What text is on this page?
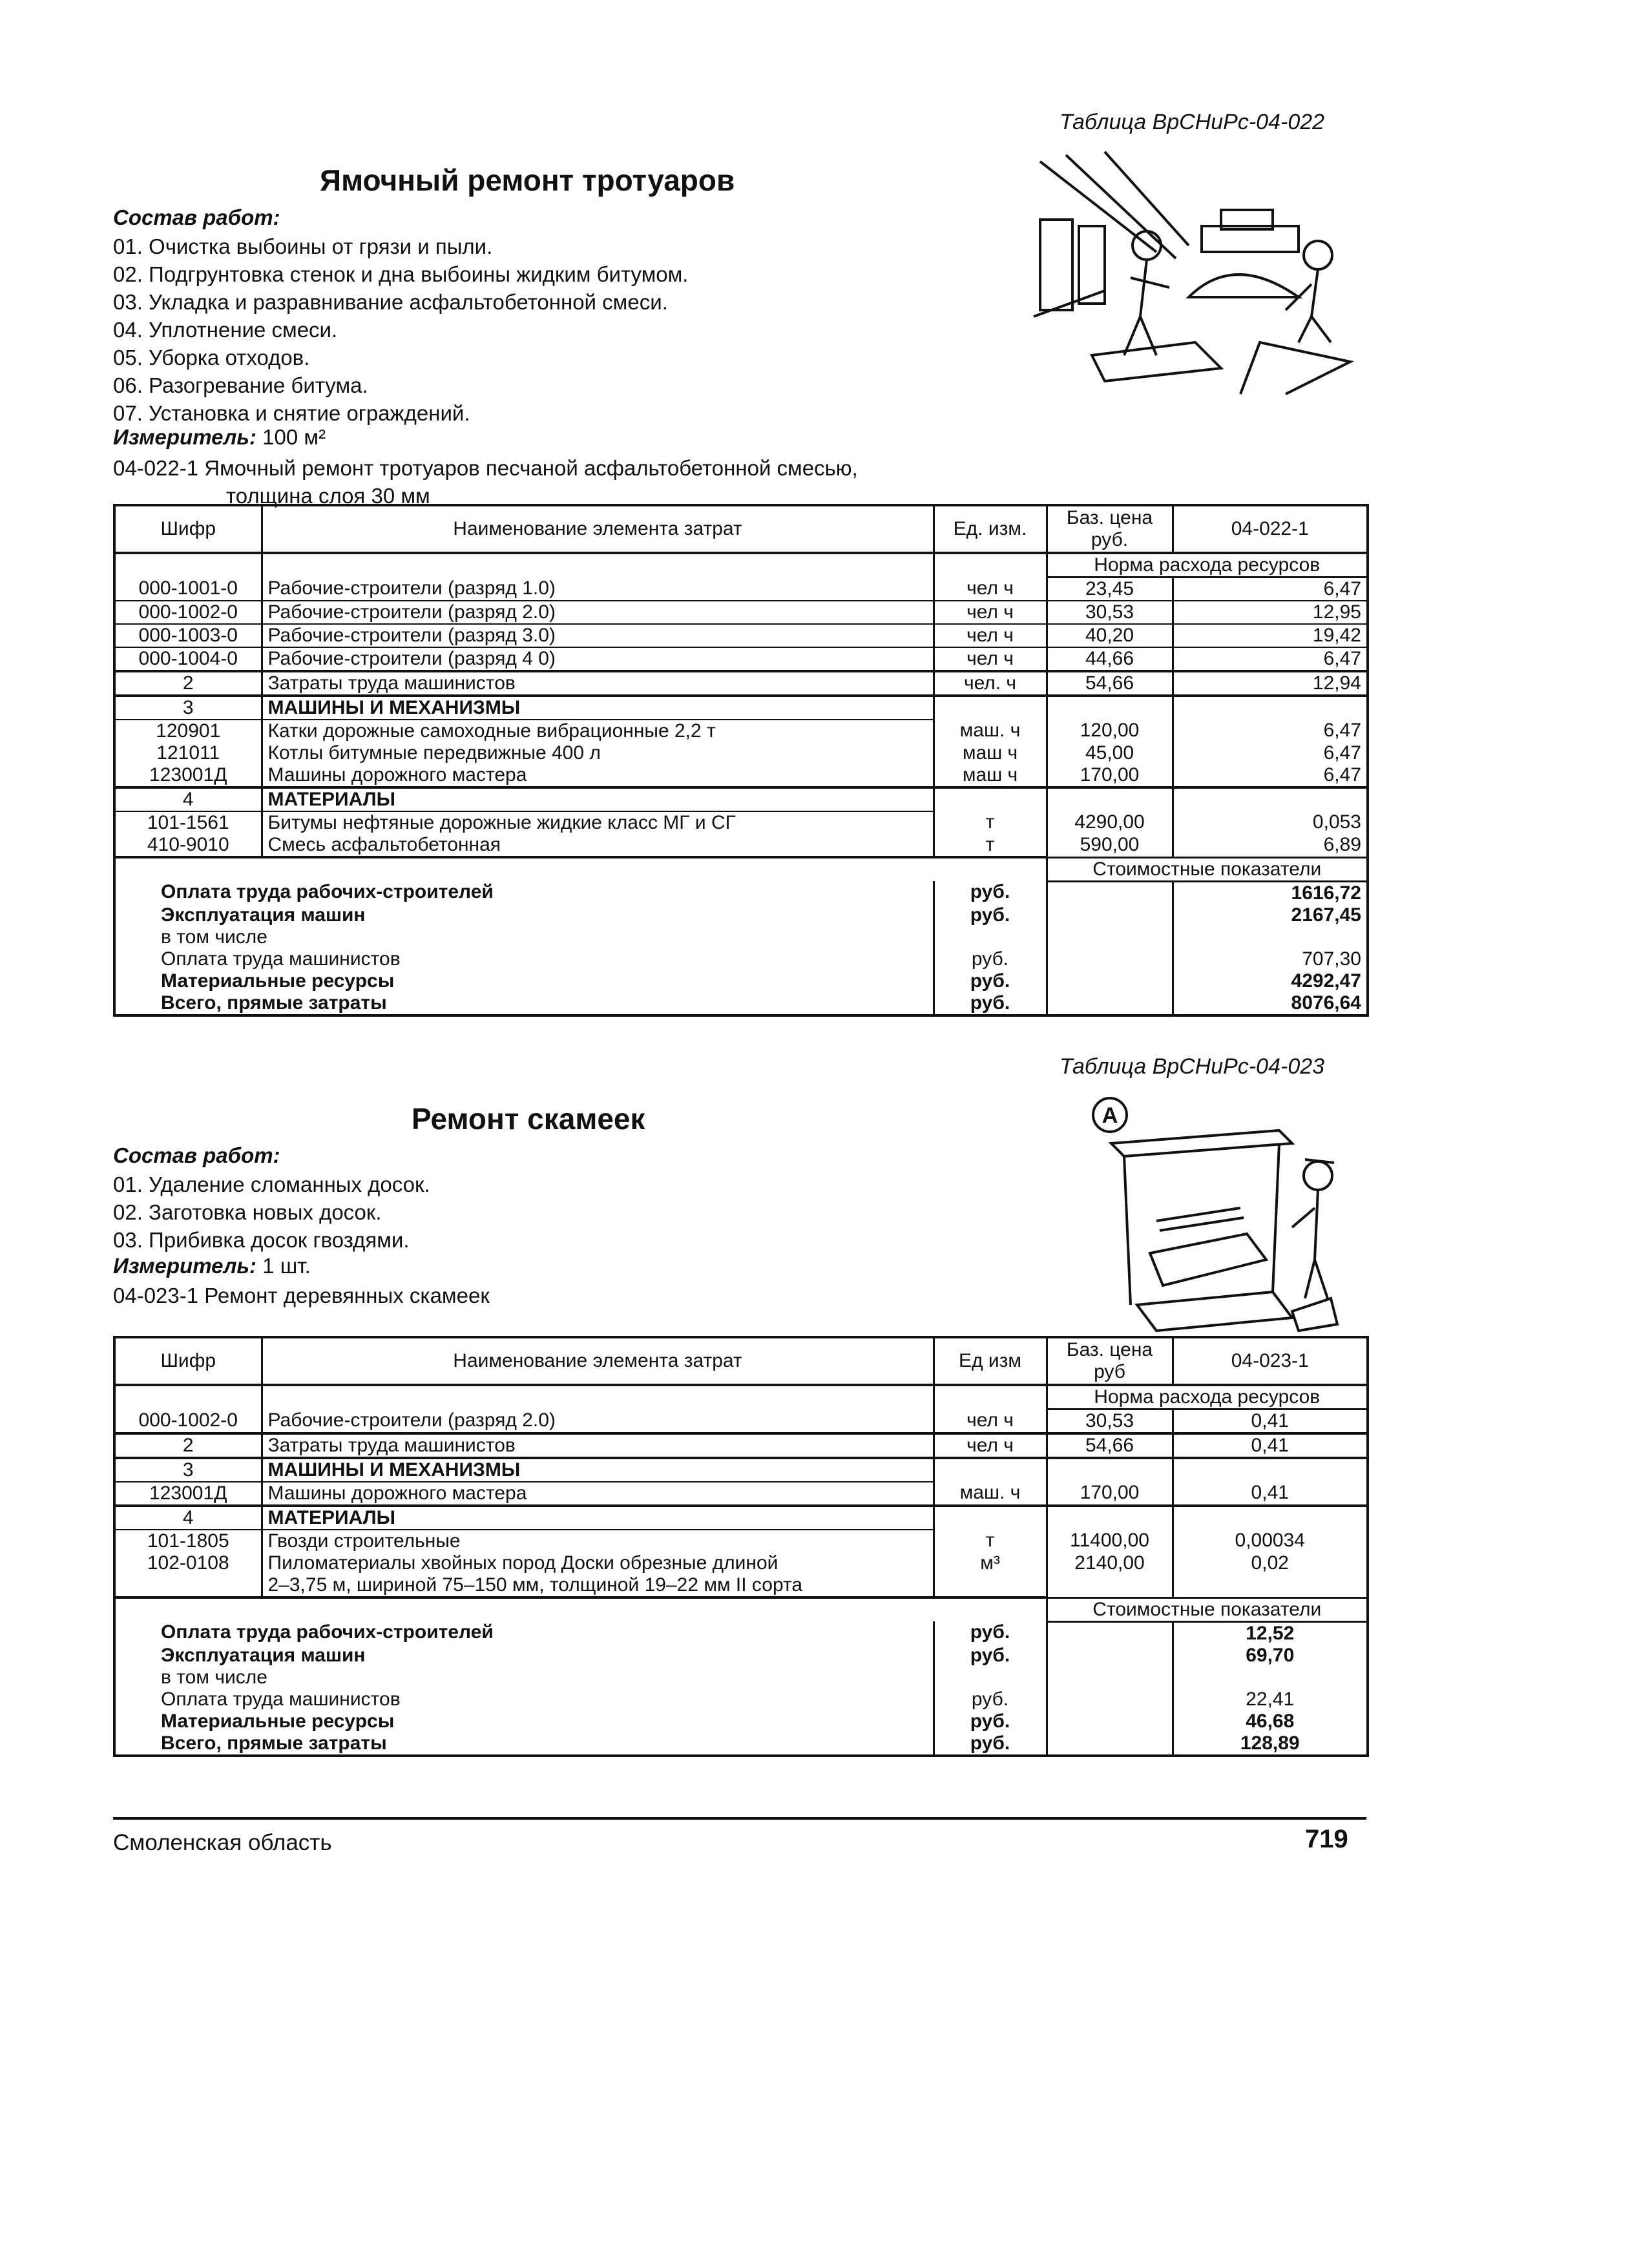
Таблица ВрСНиРс-04-022
Ямочный ремонт тротуаров
Состав работ:
01. Очистка выбоины от грязи и пыли.
02. Подгрунтовка стенок и дна выбоины жидким битумом.
03. Укладка и разравнивание асфальтобетонной смеси.
04. Уплотнение смеси.
05. Уборка отходов.
06. Разогревание битума.
07. Установка и снятие ограждений.
Измеритель: 100 м²
04-022-1 Ямочный ремонт тротуаров песчаной асфальтобетонной смесью,
толщина слоя 30 мм
Шифр	Наименование элемента затрат	Ед. изм.	Баз. цена руб.	04-022-1
			Норма расхода ресурсов	
000-1001-0	Рабочие-строители (разряд 1.0)	чел ч	23,45	6,47
000-1002-0	Рабочие-строители (разряд 2.0)	чел ч	30,53	12,95
000-1003-0	Рабочие-строители (разряд 3.0)	чел ч	40,20	19,42
000-1004-0	Рабочие-строители (разряд 4 0)	чел ч	44,66	6,47
2	Затраты труда машинистов	чел. ч	54,66	12,94
3	МАШИНЫ И МЕХАНИЗМЫ			
120901	Катки дорожные самоходные вибрационные 2,2 т	маш. ч	120,00	6,47
121011	Котлы битумные передвижные 400 л	маш ч	45,00	6,47
123001Д	Машины дорожного мастера	маш ч	170,00	6,47
4	МАТЕРИАЛЫ			
101-1561	Битумы нефтяные дорожные жидкие класс МГ и СГ	т	4290,00	0,053
410-9010	Смесь асфальтобетонная	т	590,00	6,89
			Стоимостные показатели	
Оплата труда рабочих-строителей		руб.		1616,72
Эксплуатация машин		руб.		2167,45
в том числе				
Оплата труда машинистов		руб.		707,30
Материальные ресурсы		руб.		4292,47
Всего, прямые затраты		руб.		8076,64
Таблица ВрСНиРс-04-023
Ремонт скамеек
Состав работ:
01. Удаление сломанных досок.
02. Заготовка новых досок.
03. Прибивка досок гвоздями.
Измеритель: 1 шт.
04-023-1 Ремонт деревянных скамеек
A
Шифр	Наименование элемента затрат	Ед изм	Баз. цена руб	04-023-1
			Норма расхода ресурсов	
000-1002-0	Рабочие-строители (разряд 2.0)	чел ч	30,53	0,41
2	Затраты труда машинистов	чел ч	54,66	0,41
3	МАШИНЫ И МЕХАНИЗМЫ			
123001Д	Машины дорожного мастера	маш. ч	170,00	0,41
4	МАТЕРИАЛЫ			
101-1805	Гвозди строительные	т	11400,00	0,00034
102-0108	Пиломатериалы хвойных пород Доски обрезные длиной	м³	2140,00	0,02
	2–3,75 м, шириной 75–150 мм, толщиной 19–22 мм II сорта			
			Стоимостные показатели	
Оплата труда рабочих-строителей		руб.		12,52
Эксплуатация машин		руб.		69,70
в том числе				
Оплата труда машинистов		руб.		22,41
Материальные ресурсы		руб.		46,68
Всего, прямые затраты		руб.		128,89
Смоленская область	719
